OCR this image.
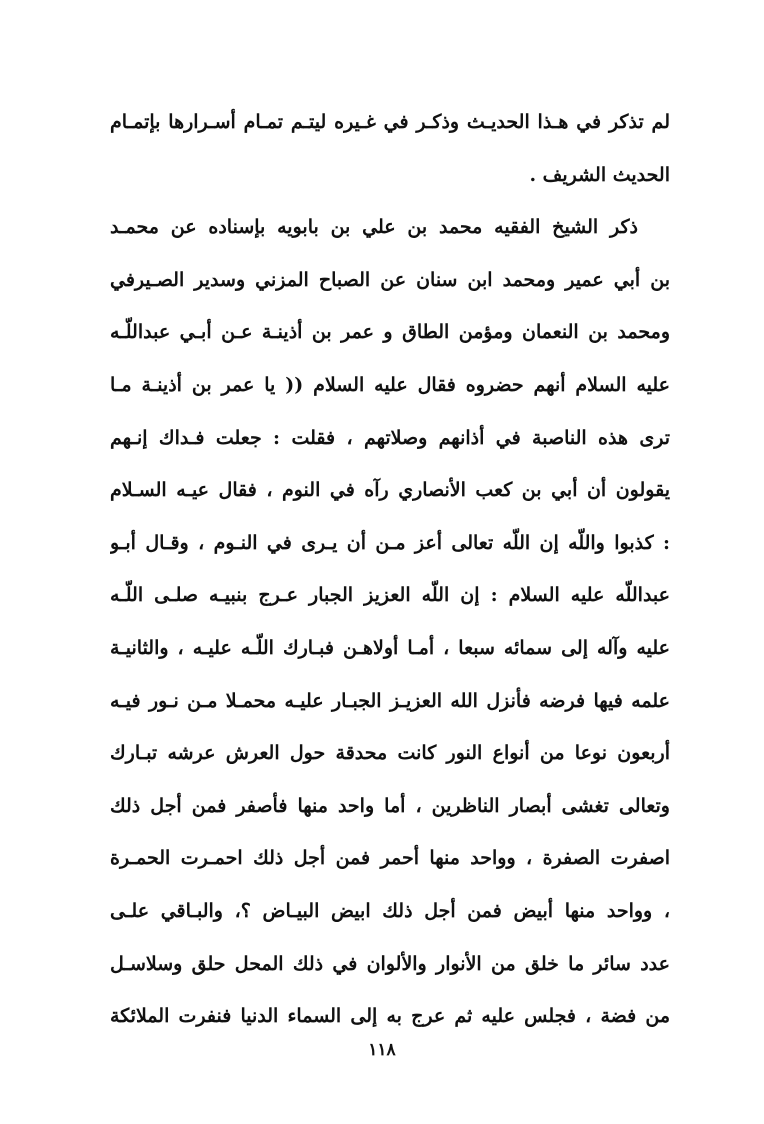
لم تذكر في هـذا الحديـث وذكـر في غـيره ليتـم تمـام أسـرارها بإتمـام
الحديث الشريف .
ذكر الشيخ الفقيه محمد بن علي بن بابويه بإسناده عن محمـد
بن أبي عمير ومحمد ابن سنان عن الصباح المزني وسدير الصـيرفي
ومحمد بن النعمان ومؤمن الطاق و عمر بن أذينـة عـن أبـي عبداللّـه
عليه السلام أنهم حضروه فقال عليه السلام (( يا عمر بن أذينـة مـا
ترى هذه الناصبة في أذانهم وصلاتهم ، فقلت : جعلت فـداك إنـهم
يقولون أن أبي بن كعب الأنصاري رآه في النوم ، فقال عيـه السـلام
: كذبوا واللّه إن اللّه تعالى أعز مـن أن يـرى في النـوم ، وقـال أبـو
عبداللّه عليه السلام : إن اللّه العزيز الجبار عـرج بنبيـه صلـى اللّـه
عليه وآله إلى سمائه سبعا ، أمـا أولاهـن فبـارك اللّـه عليـه ، والثانيـة
علمه فيها فرضه فأنزل الله العزيـز الجبـار عليـه محمـلا مـن نـور فيـه
أربعون نوعا من أنواع النور كانت محدقة حول العرش عرشه تبـارك
وتعالى تغشى أبصار الناظرين ، أما واحد منها فأصفر فمن أجل ذلك
اصفرت الصفرة ، وواحد منها أحمر فمن أجل ذلك احمـرت الحمـرة
، وواحد منها أبيض فمن أجل ذلك ابيض البيـاض ؟، والبـاقي علـى
عدد سائر ما خلق من الأنوار والألوان في ذلك المحل حلق وسلاسـل
من فضة ، فجلس عليه ثم عرج به إلى السماء الدنيا فنفرت الملائكة
١١٨
